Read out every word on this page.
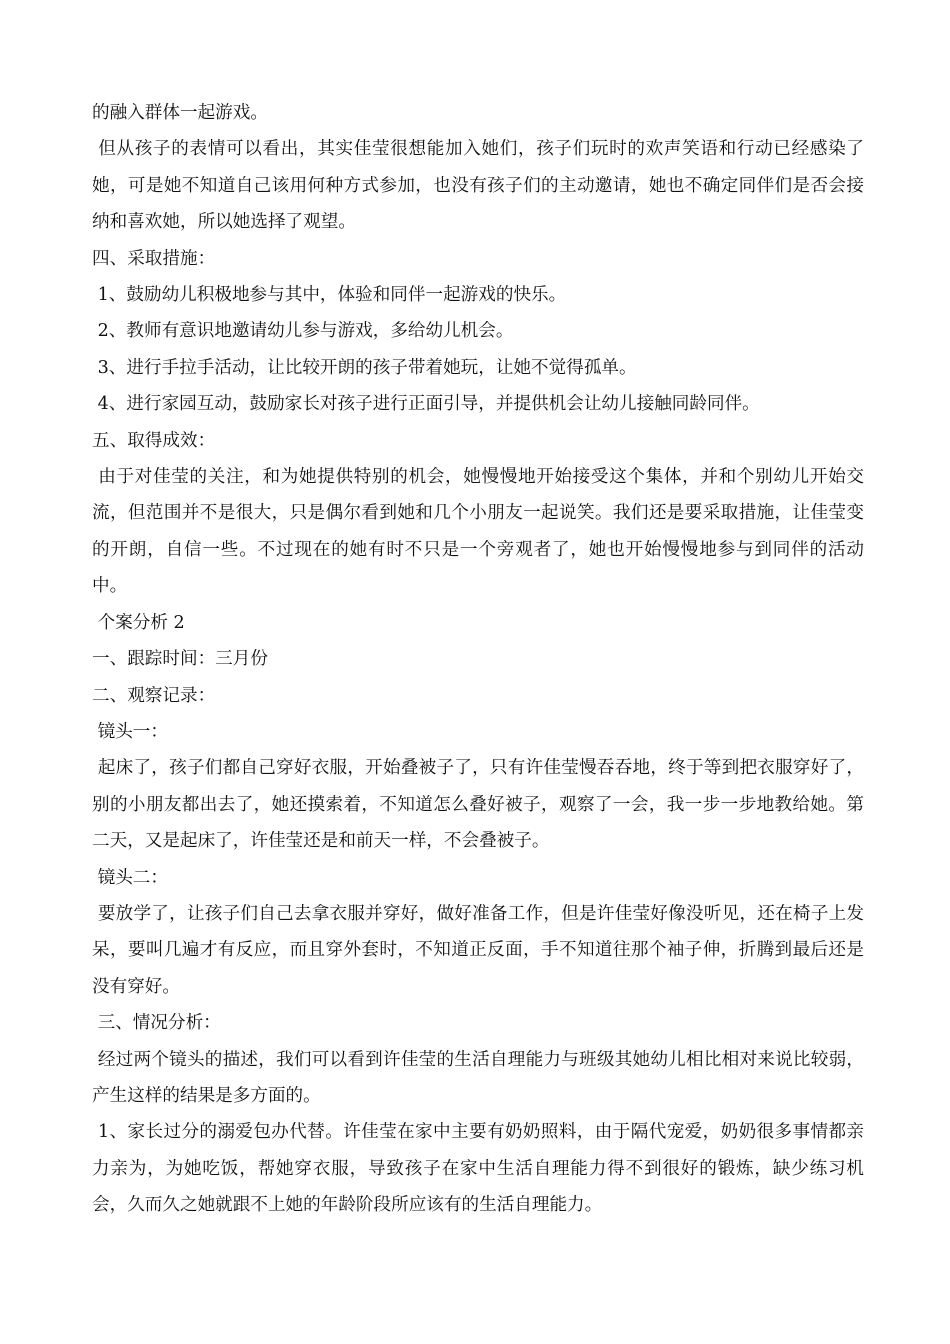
的融入群体一起游戏。

但从孩子的表情可以看出，其实佳莹很想能加入她们，孩子们玩时的欢声笑语和行动已经感染了她，可是她不知道自己该用何种方式参加，也没有孩子们的主动邀请，她也不确定同伴们是否会接纳和喜欢她，所以她选择了观望。

四、采取措施：

1、鼓励幼儿积极地参与其中，体验和同伴一起游戏的快乐。

2、教师有意识地邀请幼儿参与游戏，多给幼儿机会。

3、进行手拉手活动，让比较开朗的孩子带着她玩，让她不觉得孤单。

4、进行家园互动，鼓励家长对孩子进行正面引导，并提供机会让幼儿接触同龄同伴。

五、取得成效：

由于对佳莹的关注，和为她提供特别的机会，她慢慢地开始接受这个集体，并和个别幼儿开始交流，但范围并不是很大，只是偶尔看到她和几个小朋友一起说笑。我们还是要采取措施，让佳莹变的开朗，自信一些。不过现在的她有时不只是一个旁观者了，她也开始慢慢地参与到同伴的活动中。

个案分析 2

一、跟踪时间：三月份

二、观察记录：

镜头一：

起床了，孩子们都自己穿好衣服，开始叠被子了，只有许佳莹慢吞吞地，终于等到把衣服穿好了，别的小朋友都出去了，她还摸索着，不知道怎么叠好被子，观察了一会，我一步一步地教给她。第二天，又是起床了，许佳莹还是和前天一样，不会叠被子。

镜头二：

要放学了，让孩子们自己去拿衣服并穿好，做好准备工作，但是许佳莹好像没听见，还在椅子上发呆，要叫几遍才有反应，而且穿外套时，不知道正反面，手不知道往那个袖子伸，折腾到最后还是没有穿好。

三、情况分析：

经过两个镜头的描述，我们可以看到许佳莹的生活自理能力与班级其她幼儿相比相对来说比较弱，产生这样的结果是多方面的。

1、家长过分的溺爱包办代替。许佳莹在家中主要有奶奶照料，由于隔代宠爱，奶奶很多事情都亲力亲为，为她吃饭，帮她穿衣服，导致孩子在家中生活自理能力得不到很好的锻炼，缺少练习机会，久而久之她就跟不上她的年龄阶段所应该有的生活自理能力。
